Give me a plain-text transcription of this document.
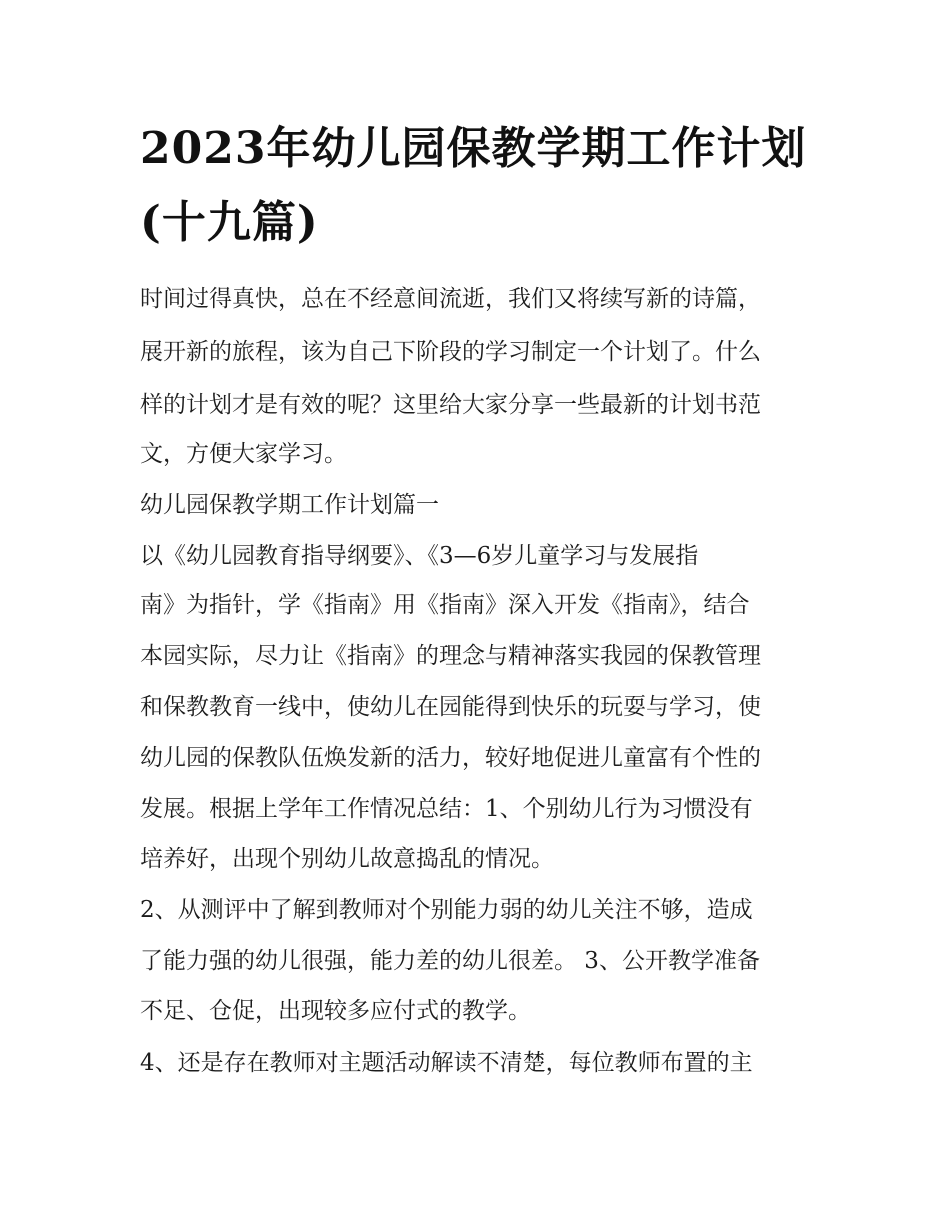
2023年幼儿园保教学期工作计划(十九篇)

时间过得真快，总在不经意间流逝，我们又将续写新的诗篇，

展开新的旅程，该为自己下阶段的学习制定一个计划了。什么

样的计划才是有效的呢？这里给大家分享一些最新的计划书范

文，方便大家学习。

幼儿园保教学期工作计划篇一

以《幼儿园教育指导纲要》、《3—6岁儿童学习与发展指

南》为指针，学《指南》用《指南》深入开发《指南》，结合

本园实际，尽力让《指南》的理念与精神落实我园的保教管理

和保教教育一线中，使幼儿在园能得到快乐的玩耍与学习，使

幼儿园的保教队伍焕发新的活力，较好地促进儿童富有个性的

发展。根据上学年工作情况总结：1、个别幼儿行为习惯没有

培养好，出现个别幼儿故意捣乱的情况。

2、从测评中了解到教师对个别能力弱的幼儿关注不够，造成

了能力强的幼儿很强，能力差的幼儿很差。 3、公开教学准备

不足、仓促，出现较多应付式的教学。

4、还是存在教师对主题活动解读不清楚，每位教师布置的主
